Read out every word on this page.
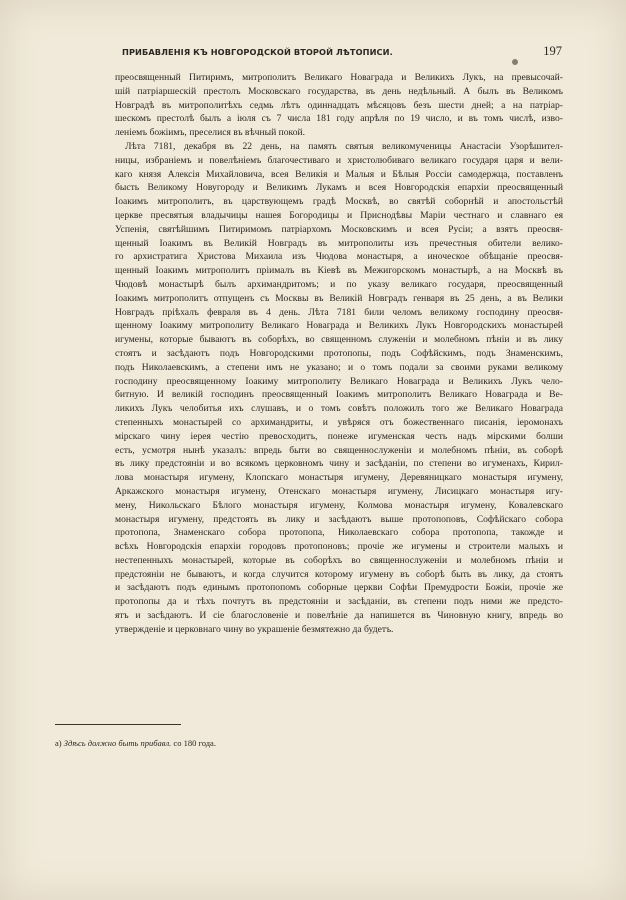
ПРИБАВЛЕНІЯ КЪ НОВГОРОДСКОЙ ВТОРОЙ ЛѢТОПИСИ.	197
преосвященный Питиримъ, митрополитъ Великаго Новаграда и Великихъ Лукъ, на превысочай-
шій патріаршескій престолъ Московскаго государства, въ день недѣльный. А былъ въ Великомъ
Новградѣ въ митрополитѣхъ седмь лѣтъ одиннадцать мѣсяцовъ безъ шести дней; а на патріар-
шескомъ престолѣ былъ а іюля съ 7 числа 181 году апрѣля по 19 число, и въ томъ числѣ, изво-
леніемъ божіимъ, преселися въ вѣчный покой.
Лѣта 7181, декабря въ 22 день, на память святыя великомученицы Анастасіи Узорѣшител-
ницы, избраніемъ и повелѣніемъ благочестиваго и христолюбиваго великаго государя царя и вели-
каго князя Алексія Михайловича, всея Великія и Малыя и Бѣлыя Россіи самодержца, поставленъ
бысть Великому Новугороду и Великимъ Лукамъ и всея Новгородскія епархіи преосвященный
Іоакимъ митрополитъ, въ царствующемъ градѣ Москвѣ, во святѣй соборнѣй и апостольстѣй
церкве пресвятыя владычицы нашея Богородицы и Приснодѣвы Маріи честнаго и славнаго ея
Успенія, святѣйшимъ Питиримомъ патріархомъ Московскимъ и всея Русіи; а взятъ преосвя-
щенный Іоакимъ въ Великій Новградъ въ митрополиты изъ пречестныя обители велико-
го архистратига Христова Михаила изъ Чюдова монастыря, а иноческое обѣщаніе преосвя-
щенный Іоакимъ митрополитъ пріималъ въ Кіевѣ въ Межигорскомъ монастырѣ, а на Москвѣ въ
Чюдовѣ монастырѣ былъ архимандритомъ; и по указу великаго государя, преосвященный
Іоакимъ митрополитъ отпущенъ съ Москвы въ Великій Новградъ генваря въ 25 день, а въ Велики
Новградъ пріѣхалъ февраля въ 4 день. Лѣта 7181 били челомъ великому господину преосвя-
щенному Іоакиму митрополиту Великаго Новаграда и Великихъ Лукъ Новгородскихъ монастырей
игумены, которые бываютъ въ соборѣхъ, во священномъ служеніи и молебномъ пѣніи и въ лику
стоятъ и засѣдаютъ подъ Новгородскими протопопы, подъ Софѣйскимъ, подъ Знаменскимъ,
подъ Николаевскимъ, а степени имъ не указано; и о томъ подали за своими руками великому
господину преосвященному Іоакиму митрополиту Великаго Новаграда и Великихъ Лукъ чело-
битную. И великій господинъ преосвященный Іоакимъ митрополитъ Великаго Новаграда и Ве-
ликихъ Лукъ челобитья ихъ слушавъ, и о томъ совѣтъ положилъ того же Великаго Новаграда
степенныхъ монастырей со архимандриты, и увѣряся отъ божественнаго писанія, іеромонахъ
мірскаго чину іерея честію превосходитъ, понеже игуменская честь надъ мірскими болши
есть, усмотря нынѣ указалъ: впредь быти во священнослуженіи и молебномъ пѣніи, въ соборѣ
въ лику предстояніи и во всякомъ церковномъ чину и засѣданіи, по степени во игуменахъ, Кирил-
лова монастыря игумену, Клопскаго монастыря игумену, Деревяницкаго монастыря игумену,
Аркажского монастыря игумену, Отенскаго монастыря игумену, Лисицкаго монастыря игу-
мену, Никольскаго Бѣлого монастыря игумену, Колмова монастыря игумену, Ковалевскаго
монастыря игумену, предстоять въ лику и засѣдаютъ выше протопоповъ, Софѣйскаго собора
протопопа, Знаменскаго собора протопопа, Николаевскаго собора протопопа, такожде и
всѣхъ Новгородскія епархіи городовъ протопоновъ; прочіе же игумены и строители малыхъ и
нестепенныхъ монастырей, которые въ соборѣхъ во священнослуженіи и молебномъ пѣніи и
предстояніи не бываютъ, и когда случится которому игумену въ соборѣ быть въ лику, да стоятъ
и засѣдаютъ подъ единымъ протопопомъ соборные церкви Софѣи Премудрости Божіи, прочіе же
протопопы да и тѣхъ почтутъ въ предстояніи и засѣданіи, въ степени подъ ними же предсто-
ятъ и засѣдаютъ. И сіе благословеніе и повелѣніе да напишется въ Чиновную книгу, впредь во
утвержденіе и церковнаго чину во украшеніе безмятежно да будетъ.
а) Здѣсь должно быть прибавл. со 180 года.
